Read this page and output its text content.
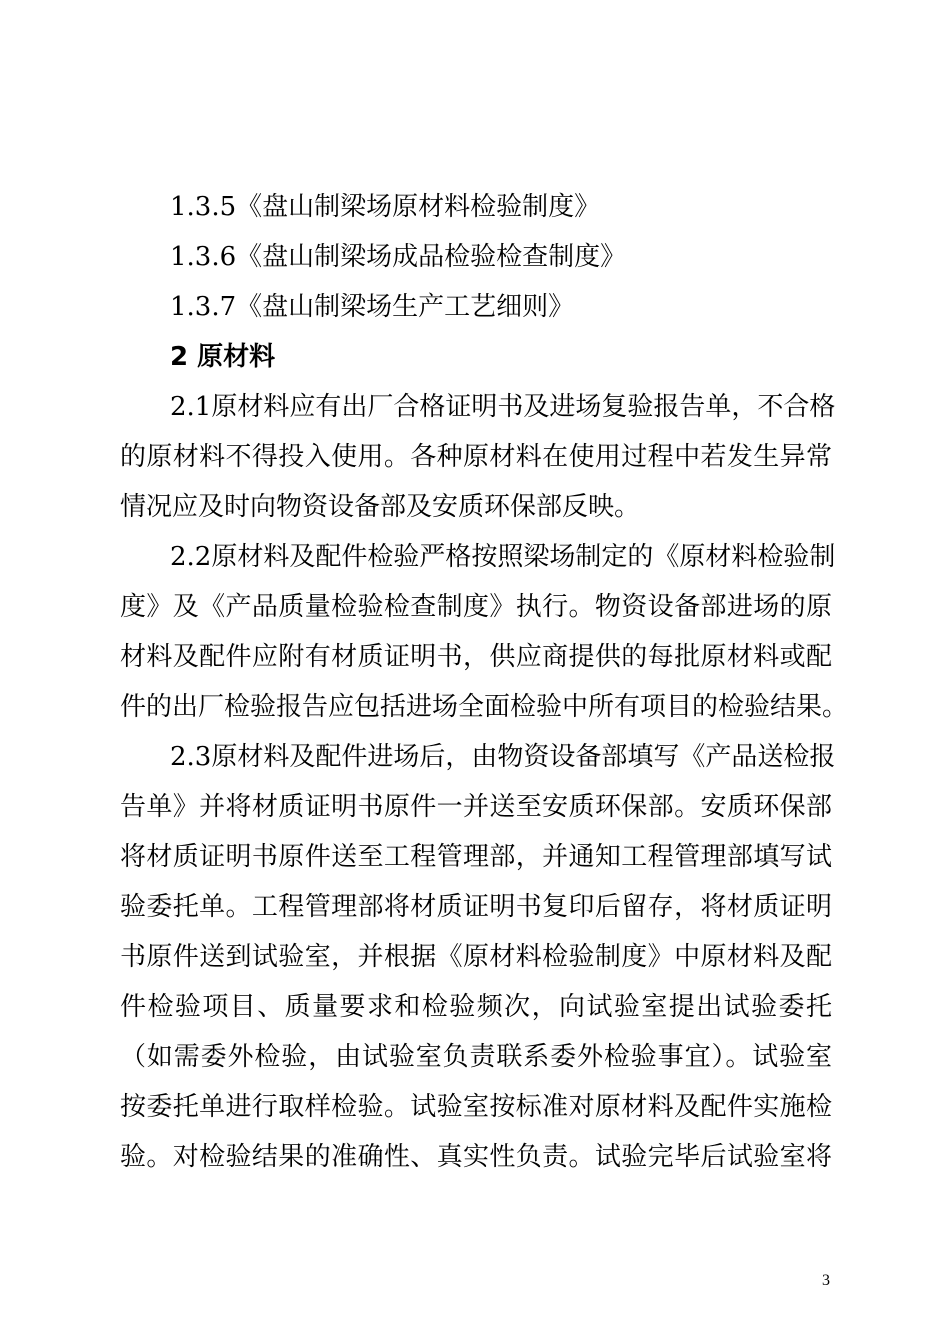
1.3.5《盘山制梁场原材料检验制度》
1.3.6《盘山制梁场成品检验检查制度》
1.3.7《盘山制梁场生产工艺细则》
2 原材料
2.1原材料应有出厂合格证明书及进场复验报告单，不合格
的原材料不得投入使用。各种原材料在使用过程中若发生异常
情况应及时向物资设备部及安质环保部反映。
2.2原材料及配件检验严格按照梁场制定的《原材料检验制
度》及《产品质量检验检查制度》执行。物资设备部进场的原
材料及配件应附有材质证明书，供应商提供的每批原材料或配
件的出厂检验报告应包括进场全面检验中所有项目的检验结果。
2.3原材料及配件进场后，由物资设备部填写《产品送检报
告单》并将材质证明书原件一并送至安质环保部。安质环保部
将材质证明书原件送至工程管理部，并通知工程管理部填写试
验委托单。工程管理部将材质证明书复印后留存，将材质证明
书原件送到试验室，并根据《原材料检验制度》中原材料及配
件检验项目、质量要求和检验频次，向试验室提出试验委托
（如需委外检验，由试验室负责联系委外检验事宜）。试验室
按委托单进行取样检验。试验室按标准对原材料及配件实施检
验。对检验结果的准确性、真实性负责。试验完毕后试验室将
3
